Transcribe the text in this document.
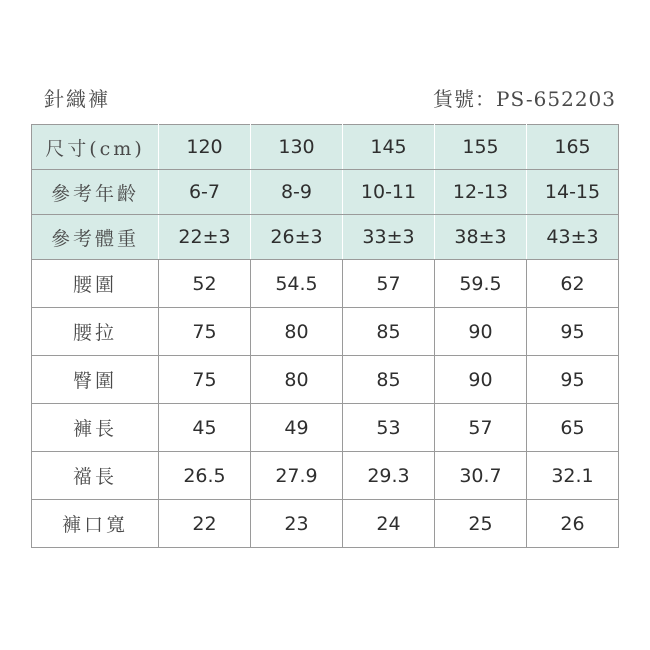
針織褲	貨號：PS-652203
尺寸(cm)	120	130	145	155	165
參考年齡	6-7	8-9	10-11	12-13	14-15
參考體重	22±3	26±3	33±3	38±3	43±3
腰圍	52	54.5	57	59.5	62
腰拉	75	80	85	90	95
臀圍	75	80	85	90	95
褲長	45	49	53	57	65
襠長	26.5	27.9	29.3	30.7	32.1
褲口寬	22	23	24	25	26
